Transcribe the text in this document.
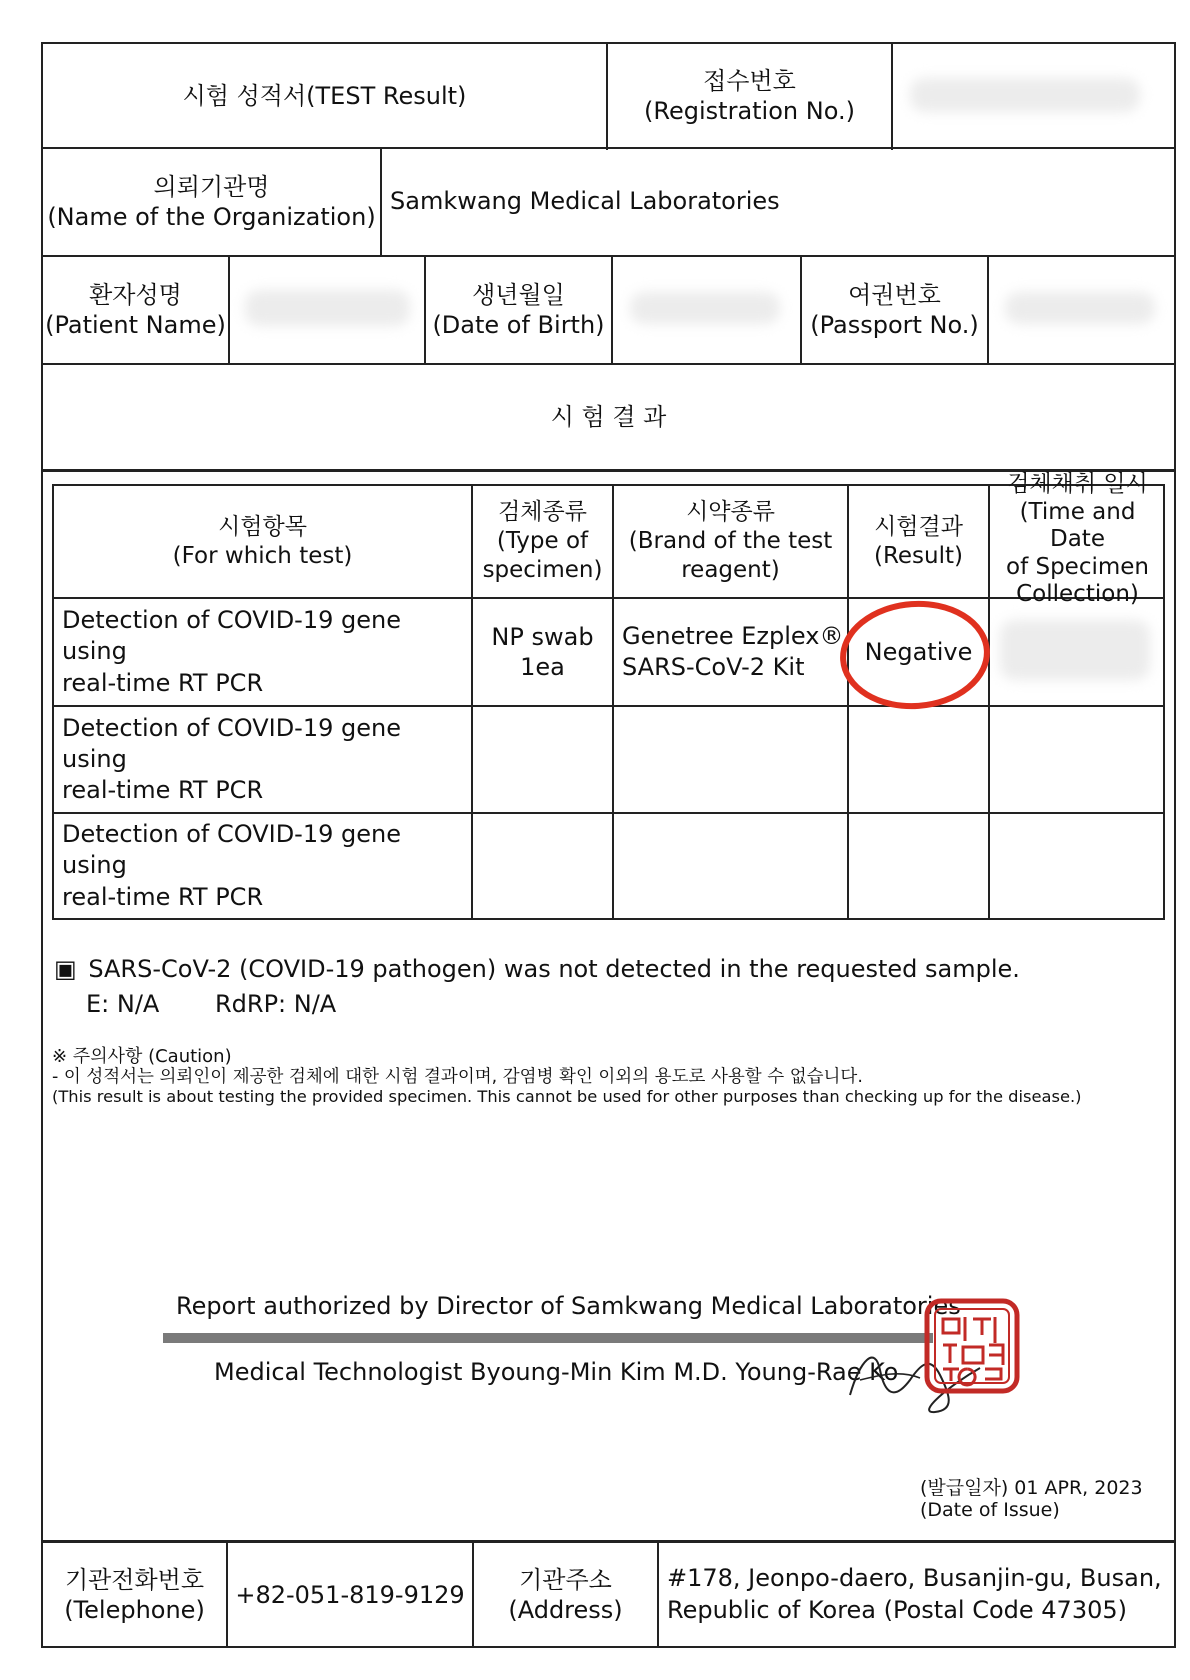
시험 성적서(TEST Result)
접수번호
(Registration No.)
의뢰기관명
(Name of the Organization)
Samkwang Medical Laboratories
환자성명
(Patient Name)
생년월일
(Date of Birth)
여권번호
(Passport No.)
시 험 결 과
시험항목
(For which test)
검체종류
(Type of
specimen)
시약종류
(Brand of the test
reagent)
시험결과
(Result)
검체채취 일시
(Time and Date
of Specimen
Collection)
Detection of COVID-19 gene using
real-time RT PCR
NP swab
1ea
Genetree Ezplex®
SARS-CoV-2 Kit
Negative
Detection of COVID-19 gene using
real-time RT PCR
Detection of COVID-19 gene using
real-time RT PCR
▣ SARS-CoV-2 (COVID-19 pathogen) was not detected in the requested sample.
E: N/A RdRP: N/A
※ 주의사항 (Caution)
- 이 성적서는 의뢰인이 제공한 검체에 대한 시험 결과이며, 감염병 확인 이외의 용도로 사용할 수 없습니다.
(This result is about testing the provided specimen. This cannot be used for other purposes than checking up for the disease.)
Report authorized by Director of Samkwang Medical Laboratories
Medical Technologist Byoung-Min Kim M.D. Young-Rae Ko
(발급일자) 01 APR, 2023
(Date of Issue)
기관전화번호
(Telephone)
+82-051-819-9129
기관주소
(Address)
#178, Jeonpo-daero, Busanjin-gu, Busan,
Republic of Korea (Postal Code 47305)
